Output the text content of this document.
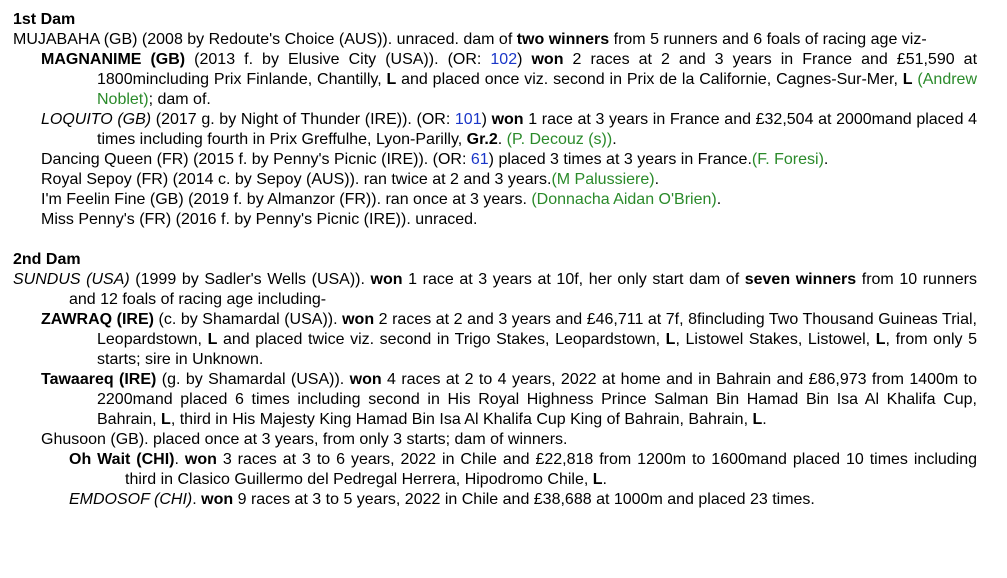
1st Dam

MUJABAHA (GB) (2008 by Redoute's Choice (AUS)). unraced. dam of two winners from 5 runners and 6 foals of racing age viz-

MAGNANIME (GB) (2013 f. by Elusive City (USA)). (OR: 102) won 2 races at 2 and 3 years in France and £51,590 at 1800mincluding Prix Finlande, Chantilly, L and placed once viz. second in Prix de la Californie, Cagnes-Sur-Mer, L (Andrew Noblet); dam of.

LOQUITO (GB) (2017 g. by Night of Thunder (IRE)). (OR: 101) won 1 race at 3 years in France and £32,504 at 2000mand placed 4 times including fourth in Prix Greffulhe, Lyon-Parilly, Gr.2. (P. Decouz (s)).

Dancing Queen (FR) (2015 f. by Penny's Picnic (IRE)). (OR: 61) placed 3 times at 3 years in France.(F. Foresi).

Royal Sepoy (FR) (2014 c. by Sepoy (AUS)). ran twice at 2 and 3 years.(M Palussiere).

I'm Feelin Fine (GB) (2019 f. by Almanzor (FR)). ran once at 3 years. (Donnacha Aidan O'Brien).

Miss Penny's (FR) (2016 f. by Penny's Picnic (IRE)). unraced.

2nd Dam

SUNDUS (USA) (1999 by Sadler's Wells (USA)). won 1 race at 3 years at 10f, her only start dam of seven winners from 10 runners and 12 foals of racing age including-

ZAWRAQ (IRE) (c. by Shamardal (USA)). won 2 races at 2 and 3 years and £46,711 at 7f, 8fincluding Two Thousand Guineas Trial, Leopardstown, L and placed twice viz. second in Trigo Stakes, Leopardstown, L, Listowel Stakes, Listowel, L, from only 5 starts; sire in Unknown.

Tawaareq (IRE) (g. by Shamardal (USA)). won 4 races at 2 to 4 years, 2022 at home and in Bahrain and £86,973 from 1400m to 2200mand placed 6 times including second in His Royal Highness Prince Salman Bin Hamad Bin Isa Al Khalifa Cup, Bahrain, L, third in His Majesty King Hamad Bin Isa Al Khalifa Cup King of Bahrain, Bahrain, L.

Ghusoon (GB). placed once at 3 years, from only 3 starts; dam of winners.

Oh Wait (CHI). won 3 races at 3 to 6 years, 2022 in Chile and £22,818 from 1200m to 1600mand placed 10 times including third in Clasico Guillermo del Pedregal Herrera, Hipodromo Chile, L.

EMDOSOF (CHI). won 9 races at 3 to 5 years, 2022 in Chile and £38,688 at 1000m and placed 23 times.
